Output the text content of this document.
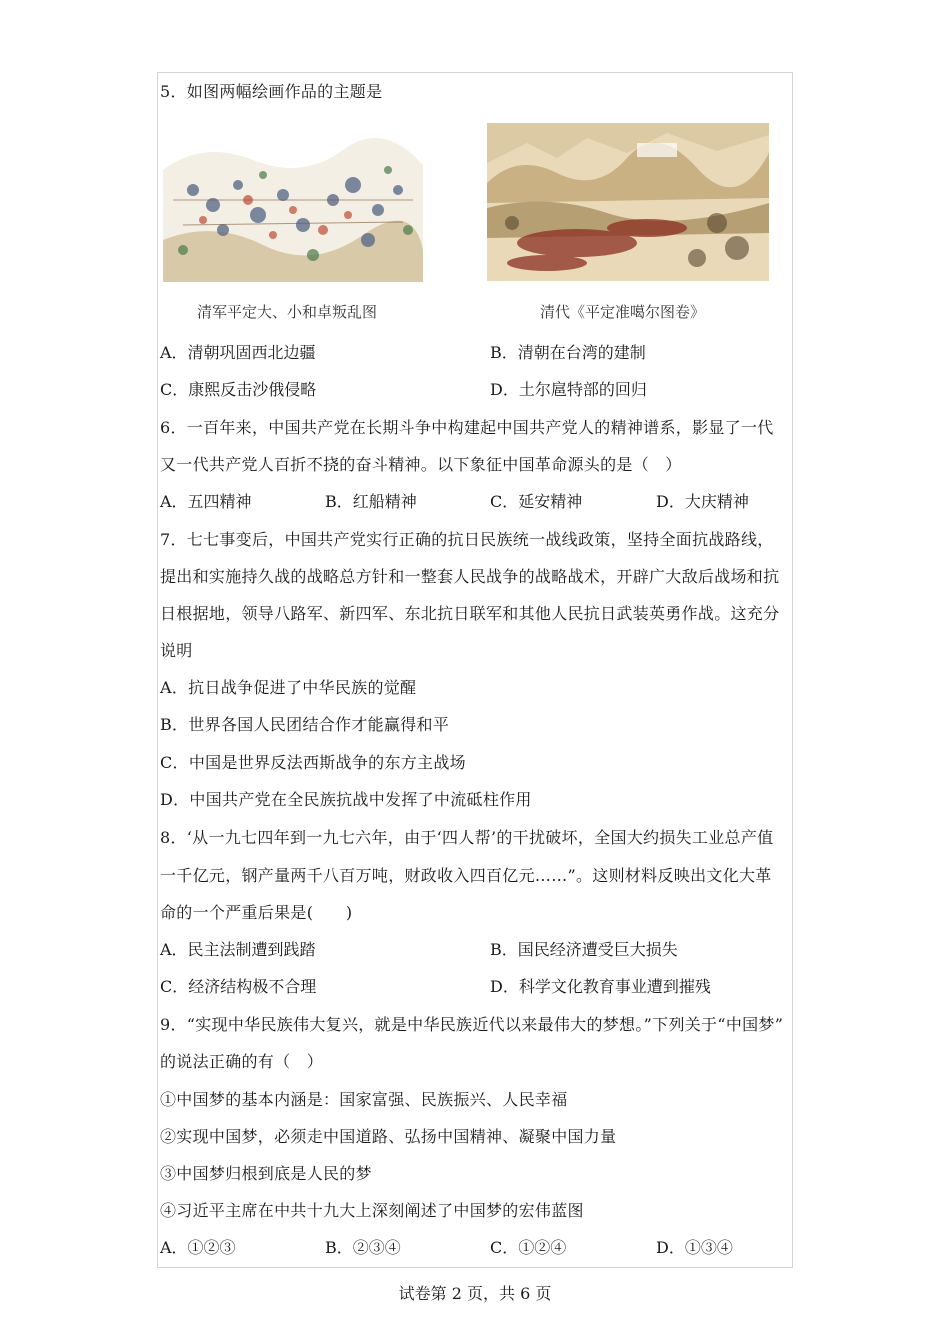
5．如图两幅绘画作品的主题是
清军平定大、小和卓叛乱图	清代《平定准噶尔图卷》
A．清朝巩固西北边疆	B．清朝在台湾的建制
C．康熙反击沙俄侵略	D．土尔扈特部的回归
6．一百年来，中国共产党在长期斗争中构建起中国共产党人的精神谱系，影显了一代
又一代共产党人百折不挠的奋斗精神。以下象征中国革命源头的是（　）
A．五四精神	B．红船精神	C．延安精神	D．大庆精神
7．七七事变后，中国共产党实行正确的抗日民族统一战线政策，坚持全面抗战路线，
提出和实施持久战的战略总方针和一整套人民战争的战略战术，开辟广大敌后战场和抗
日根据地，领导八路军、新四军、东北抗日联军和其他人民抗日武装英勇作战。这充分
说明
A．抗日战争促进了中华民族的觉醒
B．世界各国人民团结合作才能赢得和平
C．中国是世界反法西斯战争的东方主战场
D．中国共产党在全民族抗战中发挥了中流砥柱作用
8．‘从一九七四年到一九七六年，由于‘四人帮’的干扰破坏，全国大约损失工业总产值
一千亿元，钢产量两千八百万吨，财政收入四百亿元……”。这则材料反映出文化大革
命的一个严重后果是(　　)
A．民主法制遭到践踏	B．国民经济遭受巨大损失
C．经济结构极不合理	D．科学文化教育事业遭到摧残
9．“实现中华民族伟大复兴，就是中华民族近代以来最伟大的梦想。”下列关于“中国梦”
的说法正确的有（　）
①中国梦的基本内涵是：国家富强、民族振兴、人民幸福
②实现中国梦，必须走中国道路、弘扬中国精神、凝聚中国力量
③中国梦归根到底是人民的梦
④习近平主席在中共十九大上深刻阐述了中国梦的宏伟蓝图
A．①②③	B．②③④	C．①②④	D．①③④
试卷第 2 页，共 6 页
